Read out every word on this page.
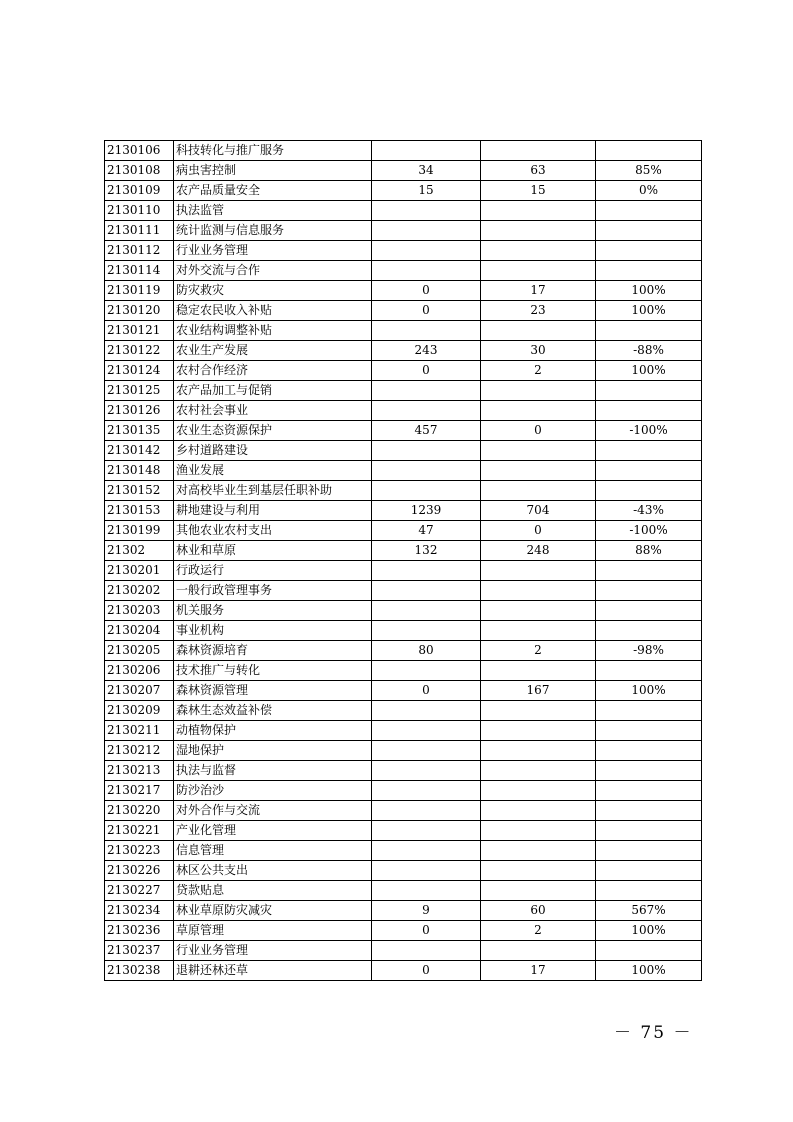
2130106	科技转化与推广服务			
2130108	病虫害控制	34	63	85%
2130109	农产品质量安全	15	15	0%
2130110	执法监管			
2130111	统计监测与信息服务			
2130112	行业业务管理			
2130114	对外交流与合作			
2130119	防灾救灾	0	17	100%
2130120	稳定农民收入补贴	0	23	100%
2130121	农业结构调整补贴			
2130122	农业生产发展	243	30	-88%
2130124	农村合作经济	0	2	100%
2130125	农产品加工与促销			
2130126	农村社会事业			
2130135	农业生态资源保护	457	0	-100%
2130142	乡村道路建设			
2130148	渔业发展			
2130152	对高校毕业生到基层任职补助			
2130153	耕地建设与利用	1239	704	-43%
2130199	其他农业农村支出	47	0	-100%
21302	林业和草原	132	248	88%
2130201	行政运行			
2130202	一般行政管理事务			
2130203	机关服务			
2130204	事业机构			
2130205	森林资源培育	80	2	-98%
2130206	技术推广与转化			
2130207	森林资源管理	0	167	100%
2130209	森林生态效益补偿			
2130211	动植物保护			
2130212	湿地保护			
2130213	执法与监督			
2130217	防沙治沙			
2130220	对外合作与交流			
2130221	产业化管理			
2130223	信息管理			
2130226	林区公共支出			
2130227	贷款贴息			
2130234	林业草原防灾减灾	9	60	567%
2130236	草原管理	0	2	100%
2130237	行业业务管理			
2130238	退耕还林还草	0	17	100%
－ 75 －
